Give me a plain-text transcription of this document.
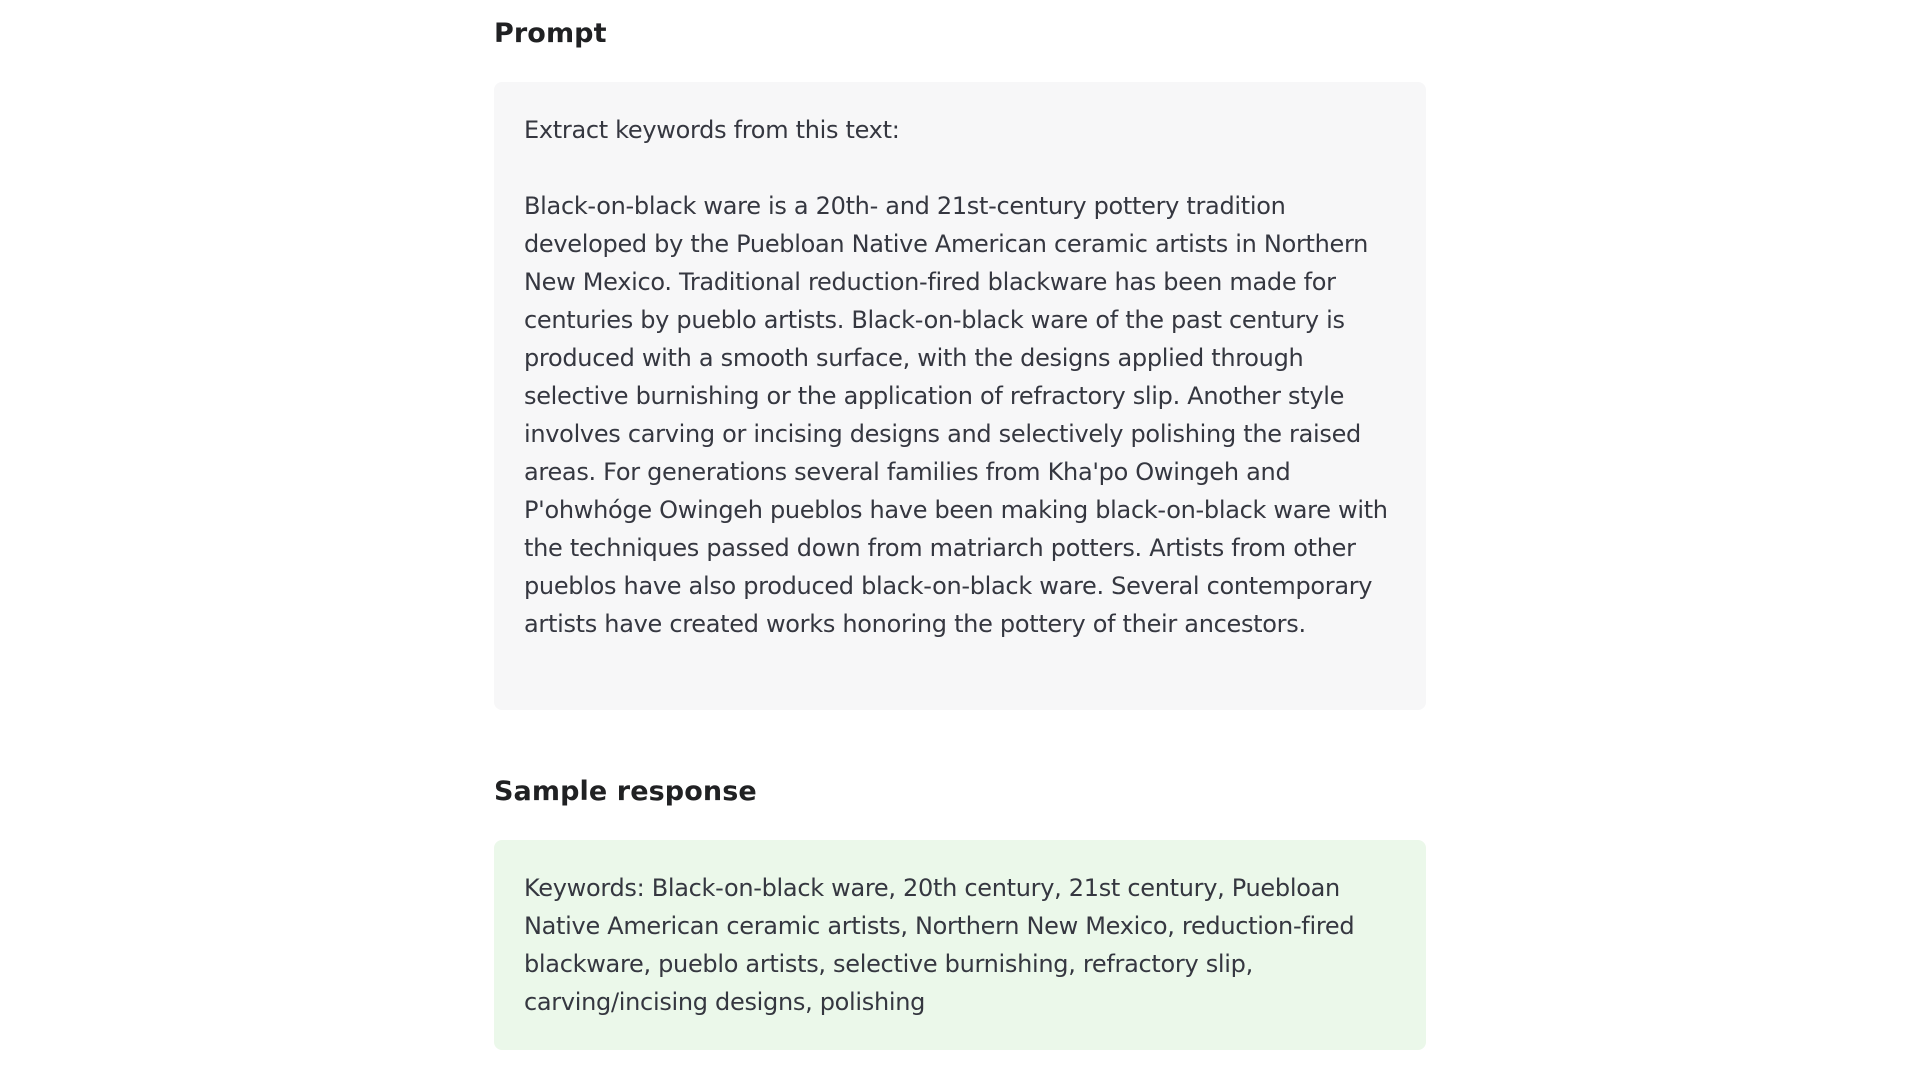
Prompt

Extract keywords from this text:

Black-on-black ware is a 20th- and 21st-century pottery tradition developed by the Puebloan Native American ceramic artists in Northern New Mexico. Traditional reduction-fired blackware has been made for centuries by pueblo artists. Black-on-black ware of the past century is produced with a smooth surface, with the designs applied through selective burnishing or the application of refractory slip. Another style involves carving or incising designs and selectively polishing the raised areas. For generations several families from Kha'po Owingeh and P'ohwhóge Owingeh pueblos have been making black-on-black ware with the techniques passed down from matriarch potters. Artists from other pueblos have also produced black-on-black ware. Several contemporary artists have created works honoring the pottery of their ancestors.

Sample response

Keywords: Black-on-black ware, 20th century, 21st century, Puebloan Native American ceramic artists, Northern New Mexico, reduction-fired blackware, pueblo artists, selective burnishing, refractory slip, carving/incising designs, polishing
